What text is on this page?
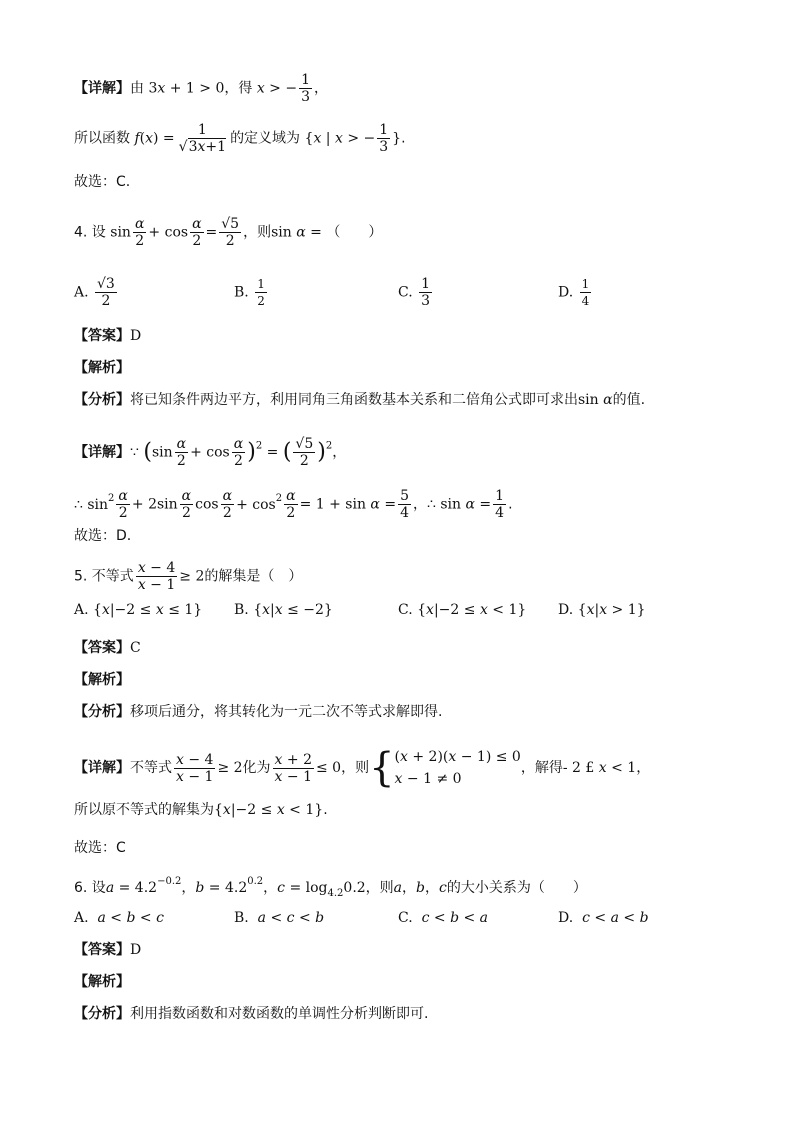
【详解】由 3x + 1 > 0，得 x > − $\frac{1}{3}$ ，
所以函数 $f(x) = \frac{1}{√3x+1}$ 的定义域为 {x | x > − $\frac{1}{3}$ }.
故选：C.
4. 设 $\sin \frac{\alpha}{2} + \cos \frac{\alpha}{2} = \frac{√5}{2}$ ，则sin α = （　　）
A. $\frac{√3}{2}$	B. $\frac{1}{2}$	C. $\frac{1}{3}$	D. $\frac{1}{4}$
【答案】D
【解析】
【分析】将已知条件两边平方，利用同角三角函数基本关系和二倍角公式即可求出sin α的值.
【详解】∵ $(\sin \frac{\alpha}{2} + \cos \frac{\alpha}{2} )^2$ = ( $\frac{√5}{2} )^2$，
∴ $\sin^2 \frac{\alpha}{2} + 2\sin \frac{\alpha}{2}$ $\cos \frac{\alpha}{2} + \cos^2 \frac{\alpha}{2} = 1 + \sin \alpha = \frac{5}{4}$ ，∴ $\sin \alpha = \frac{1}{4}$ .
故选：D.
5. 不等式 $\frac{x - 4}{x - 1} \ge 2$的解集是（　）
A. {x|−2 ≤ x ≤ 1} B. {x|x ≤ −2}	C. {x|−2 ≤ x < 1} D. {x|x > 1}
【答案】C
【解析】
【分析】移项后通分，将其转化为一元二次不等式求解即得.
【详解】不等式 $\frac{x - 4}{x - 1} \ge 2$化为 $\frac{x + 2}{x - 1} \le 0$，则{ (x + 2)(x − 1) ≤ 0
x − 1 ≠ 0
，解得- 2 £ x < 1，
所以原不等式的解集为{x|−2 ≤ x < 1}.
故选：C
6. 设$a = 4.2^{-0.2}$，$b = 4.2^{0.2}$，$c = \log_{4.2}0.2$，则a，b，c的大小关系为（　　）
A. a < b < c	B. a < c < b	C. c < b < a	D. c < a < b
【答案】D
【解析】
【分析】利用指数函数和对数函数的单调性分析判断即可.
